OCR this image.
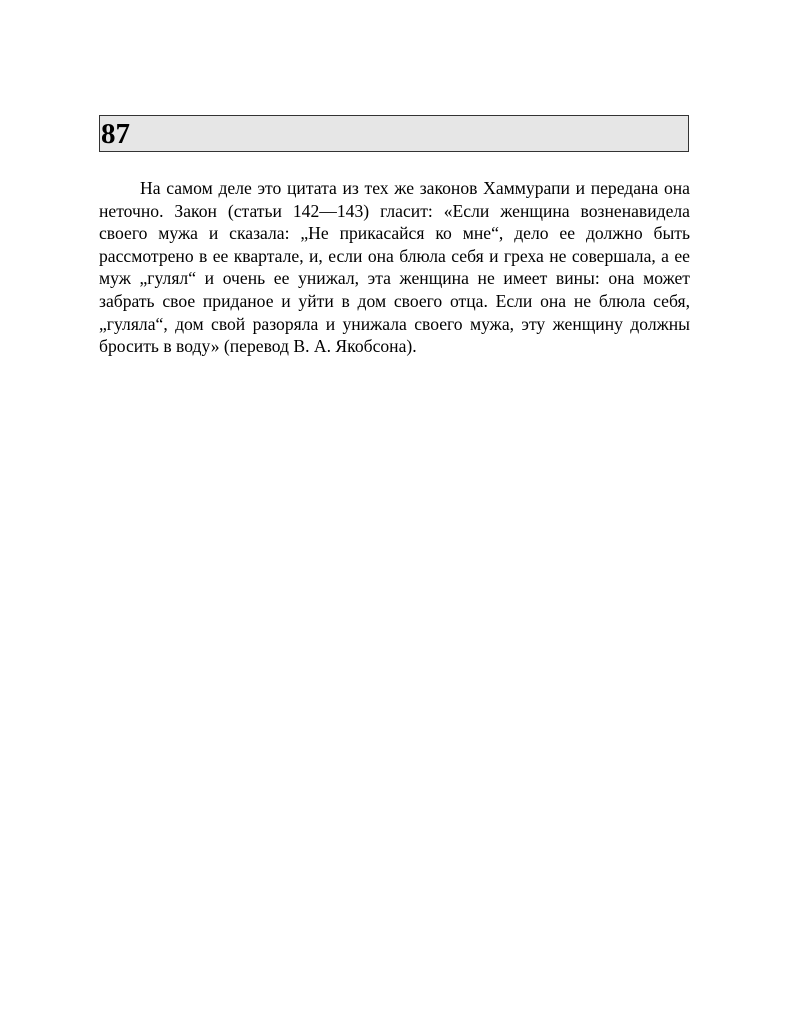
87

На самом деле это цитата из тех же законов Хаммурапи и передана она неточно. Закон (статьи 142—143) гласит: «Если женщина возненавидела своего мужа и сказала: „Не прикасайся ко мне“, дело ее должно быть рассмотрено в ее квартале, и, если она блюла себя и греха не совершала, а ее муж „гулял“ и очень ее унижал, эта женщина не имеет вины: она может забрать свое приданое и уйти в дом своего отца. Если она не блюла себя, „гуляла“, дом свой разоряла и унижала своего мужа, эту женщину должны бросить в воду» (перевод В. А. Якобсона).
